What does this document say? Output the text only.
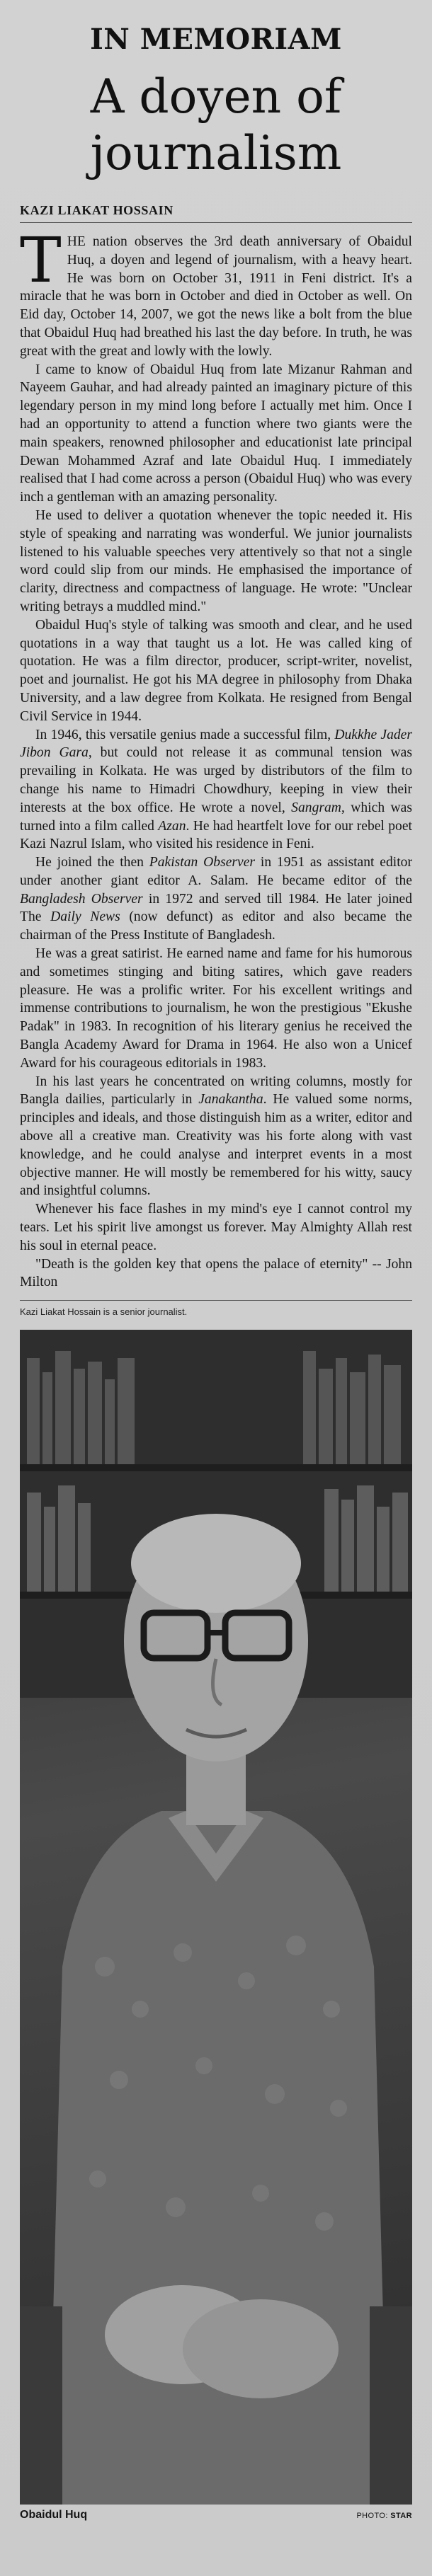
IN MEMORIAM
A doyen of
journalism
KAZI LIAKAT HOSSAIN

THE nation observes the 3rd death anniversary of Obaidul Huq, a doyen and legend of journalism, with a heavy heart. He was born on October 31, 1911 in Feni district. It's a miracle that he was born in October and died in October as well. On Eid day, October 14, 2007, we got the news like a bolt from the blue that Obaidul Huq had breathed his last the day before. In truth, he was great with the great and lowly with the lowly.

I came to know of Obaidul Huq from late Mizanur Rahman and Nayeem Gauhar, and had already painted an imaginary picture of this legendary person in my mind long before I actually met him. Once I had an opportunity to attend a function where two giants were the main speakers, renowned philosopher and educationist late principal Dewan Mohammed Azraf and late Obaidul Huq. I immediately realised that I had come across a person (Obaidul Huq) who was every inch a gentleman with an amazing personality.

He used to deliver a quotation whenever the topic needed it. His style of speaking and narrating was wonderful. We junior journalists listened to his valuable speeches very attentively so that not a single word could slip from our minds. He emphasised the importance of clarity, directness and compactness of language. He wrote: "Unclear writing betrays a muddled mind."

Obaidul Huq's style of talking was smooth and clear, and he used quotations in a way that taught us a lot. He was called king of quotation. He was a film director, producer, script-writer, novelist, poet and journalist. He got his MA degree in philosophy from Dhaka University, and a law degree from Kolkata. He resigned from Bengal Civil Service in 1944.

In 1946, this versatile genius made a successful film, Dukkhe Jader Jibon Gara, but could not release it as communal tension was prevailing in Kolkata. He was urged by distributors of the film to change his name to Himadri Chowdhury, keeping in view their interests at the box office. He wrote a novel, Sangram, which was turned into a film called Azan. He had heartfelt love for our rebel poet Kazi Nazrul Islam, who visited his residence in Feni.

He joined the then Pakistan Observer in 1951 as assistant editor under another giant editor A. Salam. He became editor of the Bangladesh Observer in 1972 and served till 1984. He later joined The Daily News (now defunct) as editor and also became the chairman of the Press Institute of Bangladesh.

He was a great satirist. He earned name and fame for his humorous and sometimes stinging and biting satires, which gave readers pleasure. He was a prolific writer. For his excellent writings and immense contributions to journalism, he won the prestigious "Ekushe Padak" in 1983. In recognition of his literary genius he received the Bangla Academy Award for Drama in 1964. He also won a Unicef Award for his courageous editorials in 1983.

In his last years he concentrated on writing columns, mostly for Bangla dailies, particularly in Janakantha. He valued some norms, principles and ideals, and those distinguish him as a writer, editor and above all a creative man. Creativity was his forte along with vast knowledge, and he could analyse and interpret events in a most objective manner. He will mostly be remembered for his witty, saucy and insightful columns.

Whenever his face flashes in my mind's eye I cannot control my tears. Let his spirit live amongst us forever. May Almighty Allah rest his soul in eternal peace.

"Death is the golden key that opens the palace of eternity" -- John Milton

Kazi Liakat Hossain is a senior journalist.
Obaidul Huq	PHOTO: STAR
